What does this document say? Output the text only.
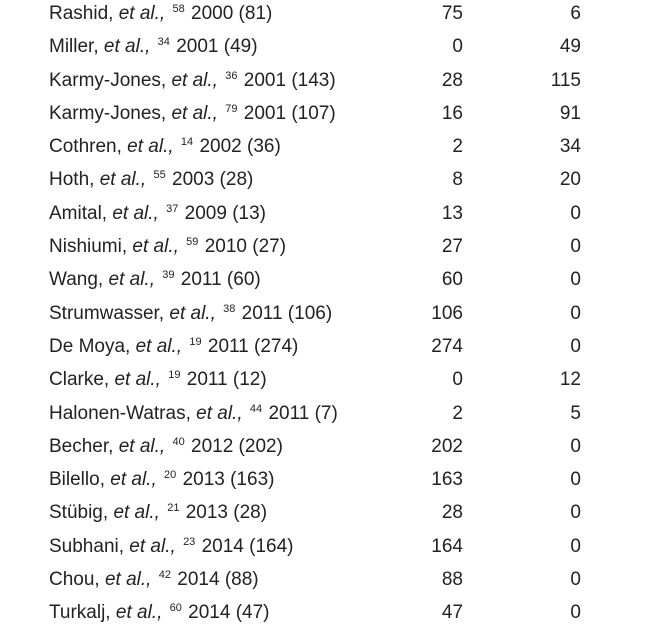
Rashid, et al., $^{58}$ 2000 (81)	75	6
Miller, et al., $^{34}$ 2001 (49)	0	49
Karmy-Jones, et al., $^{36}$ 2001 (143)	28	115
Karmy-Jones, et al., $^{79}$ 2001 (107)	16	91
Cothren, et al., $^{14}$ 2002 (36)	2	34
Hoth, et al., $^{55}$ 2003 (28)	8	20
Amital, et al., $^{37}$ 2009 (13)	13	0
Nishiumi, et al., $^{59}$ 2010 (27)	27	0
Wang, et al., $^{39}$ 2011 (60)	60	0
Strumwasser, et al., $^{38}$ 2011 (106)	106	0
De Moya, et al., $^{19}$ 2011 (274)	274	0
Clarke, et al., $^{19}$ 2011 (12)	0	12
Halonen-Watras, et al., $^{44}$ 2011 (7)	2	5
Becher, et al., $^{40}$ 2012 (202)	202	0
Bilello, et al., $^{20}$ 2013 (163)	163	0
Stübig, et al., $^{21}$ 2013 (28)	28	0
Subhani, et al., $^{23}$ 2014 (164)	164	0
Chou, et al., $^{42}$ 2014 (88)	88	0
Turkalj, et al., $^{60}$ 2014 (47)	47	0
